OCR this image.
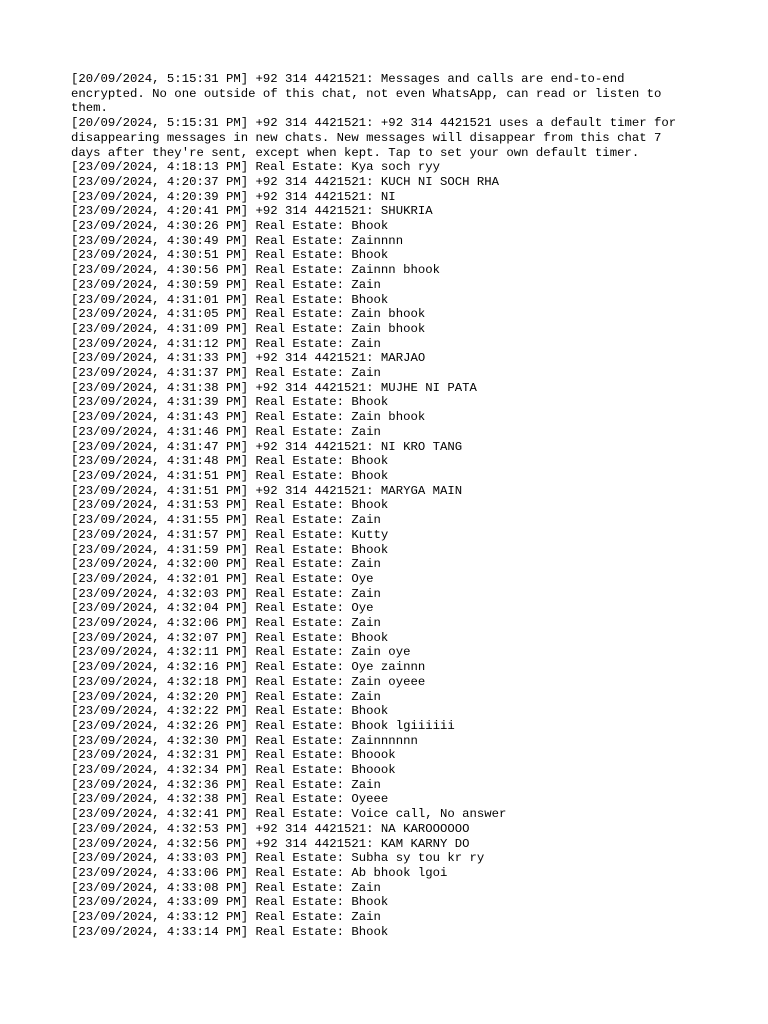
[20/09/2024, 5:15:31 PM] +92 314 4421521: Messages and calls are end-to-end
encrypted. No one outside of this chat, not even WhatsApp, can read or listen to
them.

[20/09/2024, 5:15:31 PM] +92 314 4421521: +92 314 4421521 uses a default timer for
disappearing messages in new chats. New messages will disappear from this chat 7
days after they're sent, except when kept. Tap to set your own default timer.

[23/09/2024, 4:18:13 PM] Real Estate: Kya soch ryy

[23/09/2024, 4:20:37 PM] +92 314 4421521: KUCH NI SOCH RHA

[23/09/2024, 4:20:39 PM] +92 314 4421521: NI

[23/09/2024, 4:20:41 PM] +92 314 4421521: SHUKRIA

[23/09/2024, 4:30:26 PM] Real Estate: Bhook

[23/09/2024, 4:30:49 PM] Real Estate: Zainnnn

[23/09/2024, 4:30:51 PM] Real Estate: Bhook

[23/09/2024, 4:30:56 PM] Real Estate: Zainnn bhook

[23/09/2024, 4:30:59 PM] Real Estate: Zain

[23/09/2024, 4:31:01 PM] Real Estate: Bhook

[23/09/2024, 4:31:05 PM] Real Estate: Zain bhook

[23/09/2024, 4:31:09 PM] Real Estate: Zain bhook

[23/09/2024, 4:31:12 PM] Real Estate: Zain

[23/09/2024, 4:31:33 PM] +92 314 4421521: MARJAO

[23/09/2024, 4:31:37 PM] Real Estate: Zain

[23/09/2024, 4:31:38 PM] +92 314 4421521: MUJHE NI PATA

[23/09/2024, 4:31:39 PM] Real Estate: Bhook

[23/09/2024, 4:31:43 PM] Real Estate: Zain bhook

[23/09/2024, 4:31:46 PM] Real Estate: Zain

[23/09/2024, 4:31:47 PM] +92 314 4421521: NI KRO TANG

[23/09/2024, 4:31:48 PM] Real Estate: Bhook

[23/09/2024, 4:31:51 PM] Real Estate: Bhook

[23/09/2024, 4:31:51 PM] +92 314 4421521: MARYGA MAIN

[23/09/2024, 4:31:53 PM] Real Estate: Bhook

[23/09/2024, 4:31:55 PM] Real Estate: Zain

[23/09/2024, 4:31:57 PM] Real Estate: Kutty

[23/09/2024, 4:31:59 PM] Real Estate: Bhook

[23/09/2024, 4:32:00 PM] Real Estate: Zain

[23/09/2024, 4:32:01 PM] Real Estate: Oye

[23/09/2024, 4:32:03 PM] Real Estate: Zain

[23/09/2024, 4:32:04 PM] Real Estate: Oye

[23/09/2024, 4:32:06 PM] Real Estate: Zain

[23/09/2024, 4:32:07 PM] Real Estate: Bhook

[23/09/2024, 4:32:11 PM] Real Estate: Zain oye

[23/09/2024, 4:32:16 PM] Real Estate: Oye zainnn

[23/09/2024, 4:32:18 PM] Real Estate: Zain oyeee

[23/09/2024, 4:32:20 PM] Real Estate: Zain

[23/09/2024, 4:32:22 PM] Real Estate: Bhook

[23/09/2024, 4:32:26 PM] Real Estate: Bhook lgiiiiii

[23/09/2024, 4:32:30 PM] Real Estate: Zainnnnnn

[23/09/2024, 4:32:31 PM] Real Estate: Bhoook

[23/09/2024, 4:32:34 PM] Real Estate: Bhoook

[23/09/2024, 4:32:36 PM] Real Estate: Zain

[23/09/2024, 4:32:38 PM] Real Estate: Oyeee

[23/09/2024, 4:32:41 PM] Real Estate: Voice call, No answer

[23/09/2024, 4:32:53 PM] +92 314 4421521: NA KAROOOOOO

[23/09/2024, 4:32:56 PM] +92 314 4421521: KAM KARNY DO

[23/09/2024, 4:33:03 PM] Real Estate: Subha sy tou kr ry

[23/09/2024, 4:33:06 PM] Real Estate: Ab bhook lgoi

[23/09/2024, 4:33:08 PM] Real Estate: Zain

[23/09/2024, 4:33:09 PM] Real Estate: Bhook

[23/09/2024, 4:33:12 PM] Real Estate: Zain

[23/09/2024, 4:33:14 PM] Real Estate: Bhook
